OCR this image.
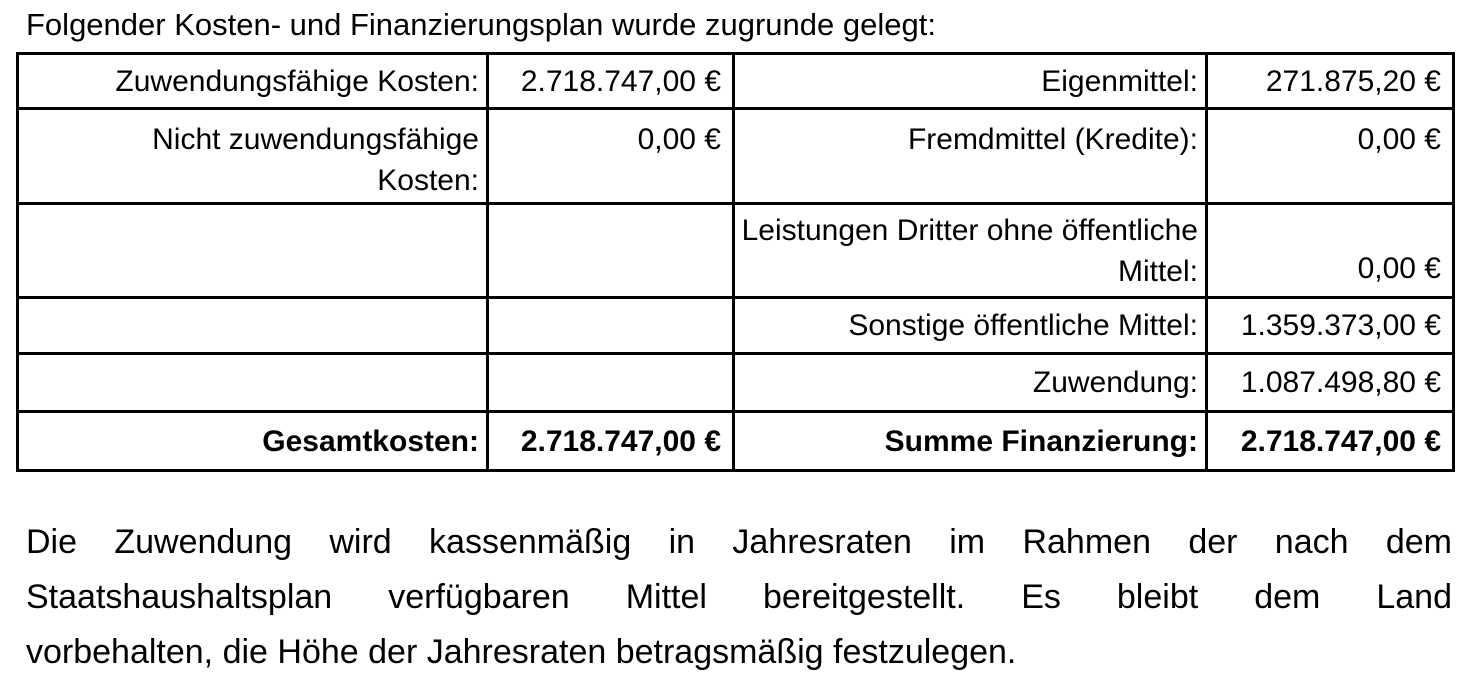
Folgender Kosten- und Finanzierungsplan wurde zugrunde gelegt:
Zuwendungsfähige Kosten:	2.718.747,00 €	Eigenmittel:	271.875,20 €
Nicht zuwendungsfähige Kosten:	0,00 €	Fremdmittel (Kredite):	0,00 €
		Leistungen Dritter ohne öffentliche Mittel:	0,00 €
		Sonstige öffentliche Mittel:	1.359.373,00 €
		Zuwendung:	1.087.498,80 €
Gesamtkosten:	2.718.747,00 €	Summe Finanzierung:	2.718.747,00 €
Die Zuwendung wird kassenmäßig in Jahresraten im Rahmen der nach dem
Staatshaushaltsplan verfügbaren Mittel bereitgestellt. Es bleibt dem Land
vorbehalten, die Höhe der Jahresraten betragsmäßig festzulegen.
